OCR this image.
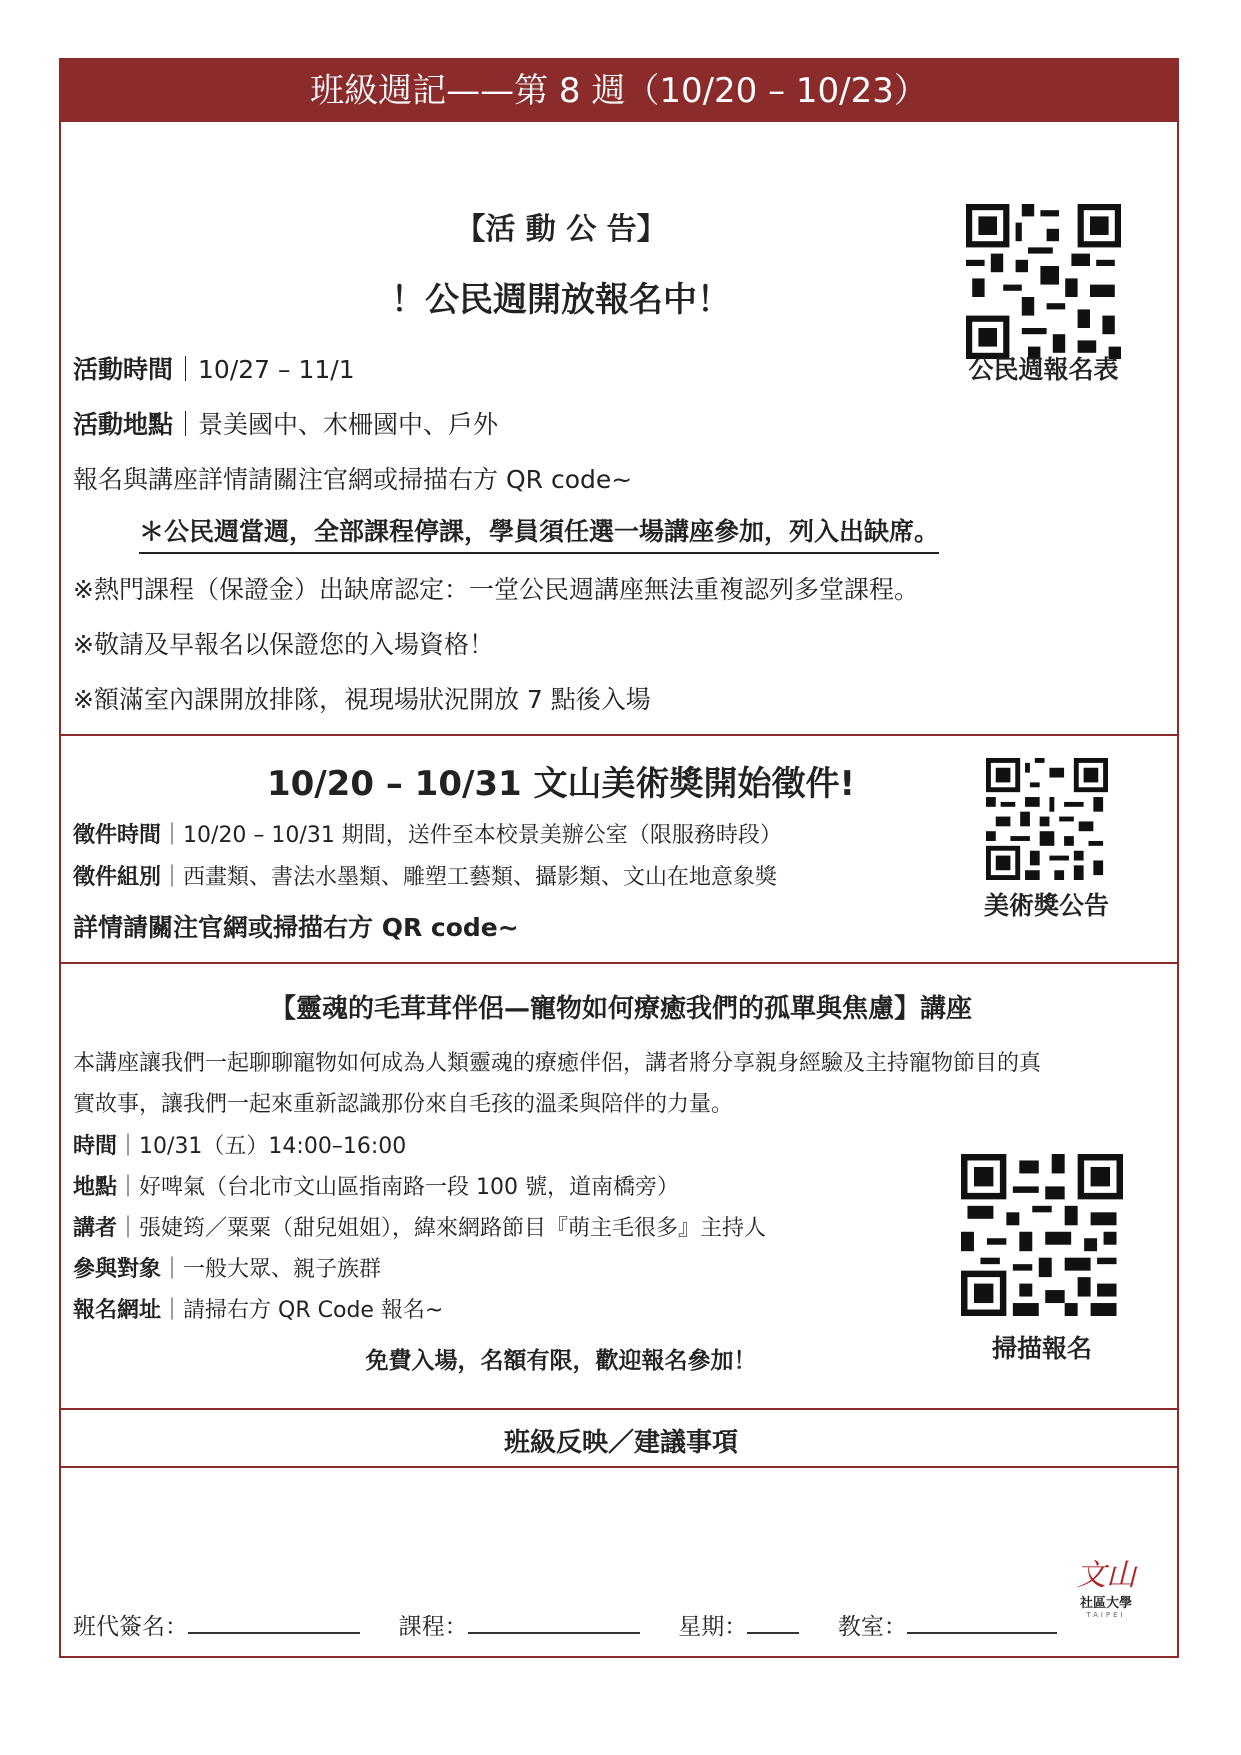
班級週記——第 8 週（10/20 – 10/23）
【活 動 公 告】
！公民週開放報名中！
活動時間｜10/27 – 11/1
活動地點｜景美國中、木柵國中、戶外
報名與講座詳情請關注官網或掃描右方 QR code~
＊公民週當週，全部課程停課，學員須任選一場講座參加，列入出缺席。
※熱門課程（保證金）出缺席認定：一堂公民週講座無法重複認列多堂課程。
※敬請及早報名以保證您的入場資格！
※額滿室內課開放排隊，視現場狀況開放 7 點後入場
公民週報名表
10/20 – 10/31 文山美術獎開始徵件!
徵件時間｜10/20 – 10/31 期間，送件至本校景美辦公室（限服務時段）
徵件組別｜西畫類、書法水墨類、雕塑工藝類、攝影類、文山在地意象獎
詳情請關注官網或掃描右方 QR code~
美術獎公告
【靈魂的毛茸茸伴侶—寵物如何療癒我們的孤單與焦慮】講座
本講座讓我們一起聊聊寵物如何成為人類靈魂的療癒伴侶，講者將分享親身經驗及主持寵物節目的真
實故事，讓我們一起來重新認識那份來自毛孩的溫柔與陪伴的力量。
時間｜10/31（五）14:00–16:00
地點｜好啤氣（台北市文山區指南路一段 100 號，道南橋旁）
講者｜張婕筠／粟粟（甜兒姐姐），緯來網路節目『萌主毛很多』主持人
參與對象｜一般大眾、親子族群
報名網址｜請掃右方 QR Code 報名~
免費入場，名額有限，歡迎報名參加！	掃描報名
班級反映／建議事項
班代簽名：	課程：	星期：	教室：
文山
社區大學
TAIPEI
